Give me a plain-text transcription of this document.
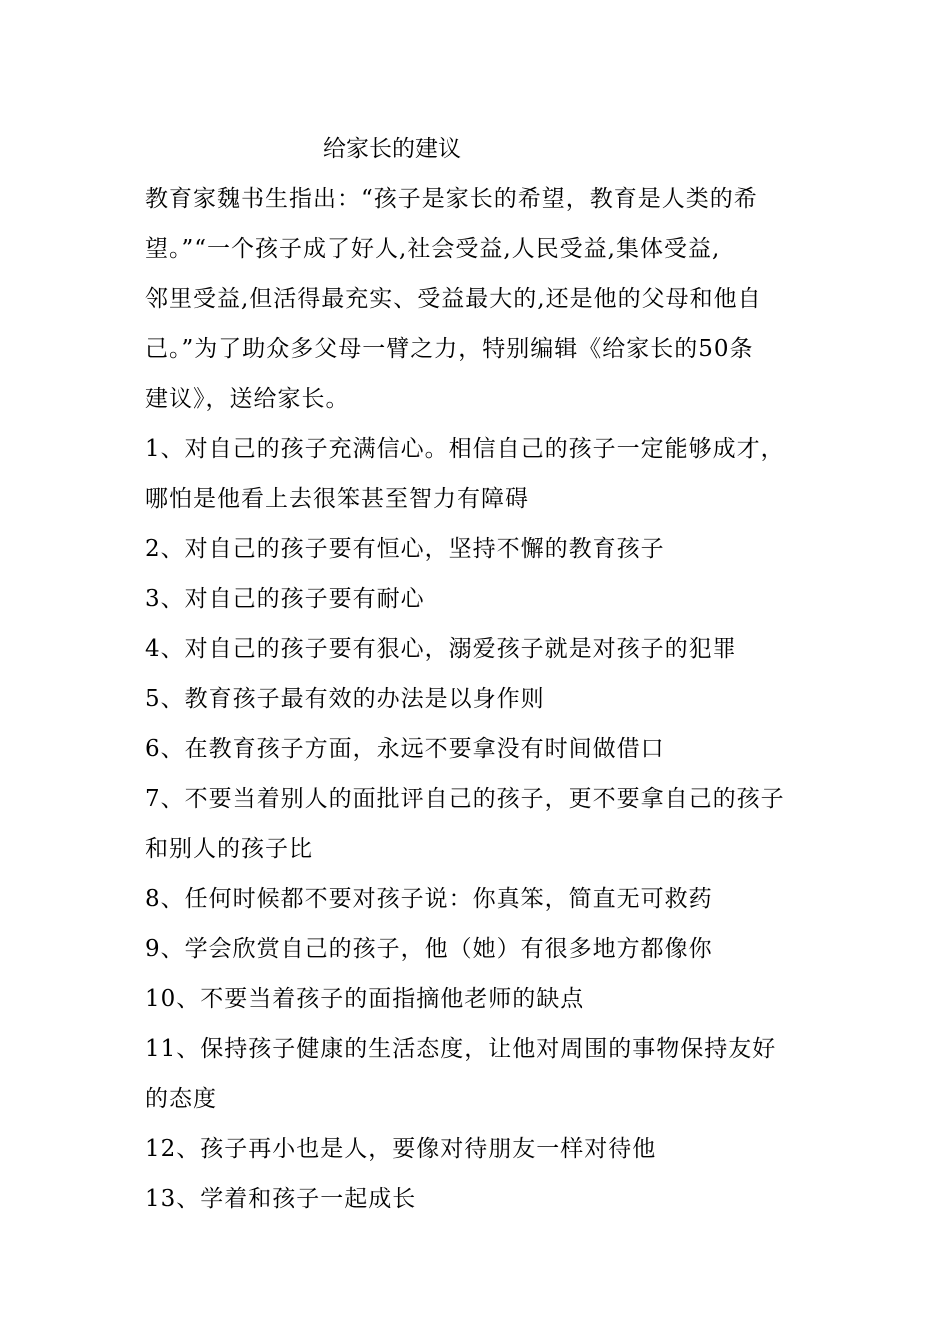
给家长的建议
教育家魏书生指出：“孩子是家长的希望，教育是人类的希
望。”“一个孩子成了好人,社会受益,人民受益,集体受益,
邻里受益,但活得最充实、受益最大的,还是他的父母和他自
己。”为了助众多父母一臂之力，特别编辑《给家长的50条
建议》，送给家长。
1、对自己的孩子充满信心。相信自己的孩子一定能够成才，
哪怕是他看上去很笨甚至智力有障碍
2、对自己的孩子要有恒心，坚持不懈的教育孩子
3、对自己的孩子要有耐心
4、对自己的孩子要有狠心，溺爱孩子就是对孩子的犯罪
5、教育孩子最有效的办法是以身作则
6、在教育孩子方面，永远不要拿没有时间做借口
7、不要当着别人的面批评自己的孩子，更不要拿自己的孩子
和别人的孩子比
8、任何时候都不要对孩子说：你真笨，简直无可救药
9、学会欣赏自己的孩子，他（她）有很多地方都像你
10、不要当着孩子的面指摘他老师的缺点
11、保持孩子健康的生活态度，让他对周围的事物保持友好
的态度
12、孩子再小也是人，要像对待朋友一样对待他
13、学着和孩子一起成长
